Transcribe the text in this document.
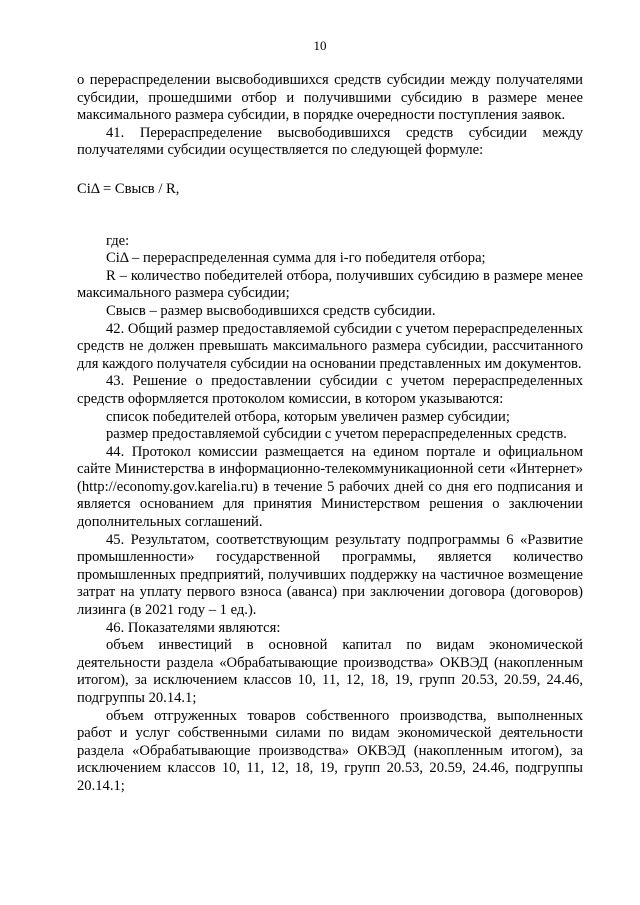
10

о перераспределении высвободившихся средств субсидии между получателями субсидии, прошедшими отбор и получившими субсидию в размере менее максимального размера субсидии, в порядке очередности поступления заявок.

41. Перераспределение высвободившихся средств субсидии между получателями субсидии осуществляется по следующей формуле:

CiΔ = Свысв / R,

где:

CiΔ – перераспределенная сумма для i-го победителя отбора;

R – количество победителей отбора, получивших субсидию в размере менее максимального размера субсидии;

Свысв – размер высвободившихся средств субсидии.

42. Общий размер предоставляемой субсидии с учетом перераспределенных средств не должен превышать максимального размера субсидии, рассчитанного для каждого получателя субсидии на основании представленных им документов.

43. Решение о предоставлении субсидии с учетом перераспределенных средств оформляется протоколом комиссии, в котором указываются:

список победителей отбора, которым увеличен размер субсидии;

размер предоставляемой субсидии с учетом перераспределенных средств.

44. Протокол комиссии размещается на едином портале и официальном сайте Министерства в информационно-телекоммуникационной сети «Интернет» (http://economy.gov.karelia.ru) в течение 5 рабочих дней со дня его подписания и является основанием для принятия Министерством решения о заключении дополнительных соглашений.

45. Результатом, соответствующим результату подпрограммы 6 «Развитие промышленности» государственной программы, является количество промышленных предприятий, получивших поддержку на частичное возмещение затрат на уплату первого взноса (аванса) при заключении договора (договоров) лизинга (в 2021 году – 1 ед.).

46. Показателями являются:

объем инвестиций в основной капитал по видам экономической деятельности раздела «Обрабатывающие производства» ОКВЭД (накопленным итогом), за исключением классов 10, 11, 12, 18, 19, групп 20.53, 20.59, 24.46, подгруппы 20.14.1;

объем отгруженных товаров собственного производства, выполненных работ и услуг собственными силами по видам экономической деятельности раздела «Обрабатывающие производства» ОКВЭД (накопленным итогом), за исключением классов 10, 11, 12, 18, 19, групп 20.53, 20.59, 24.46, подгруппы 20.14.1;
